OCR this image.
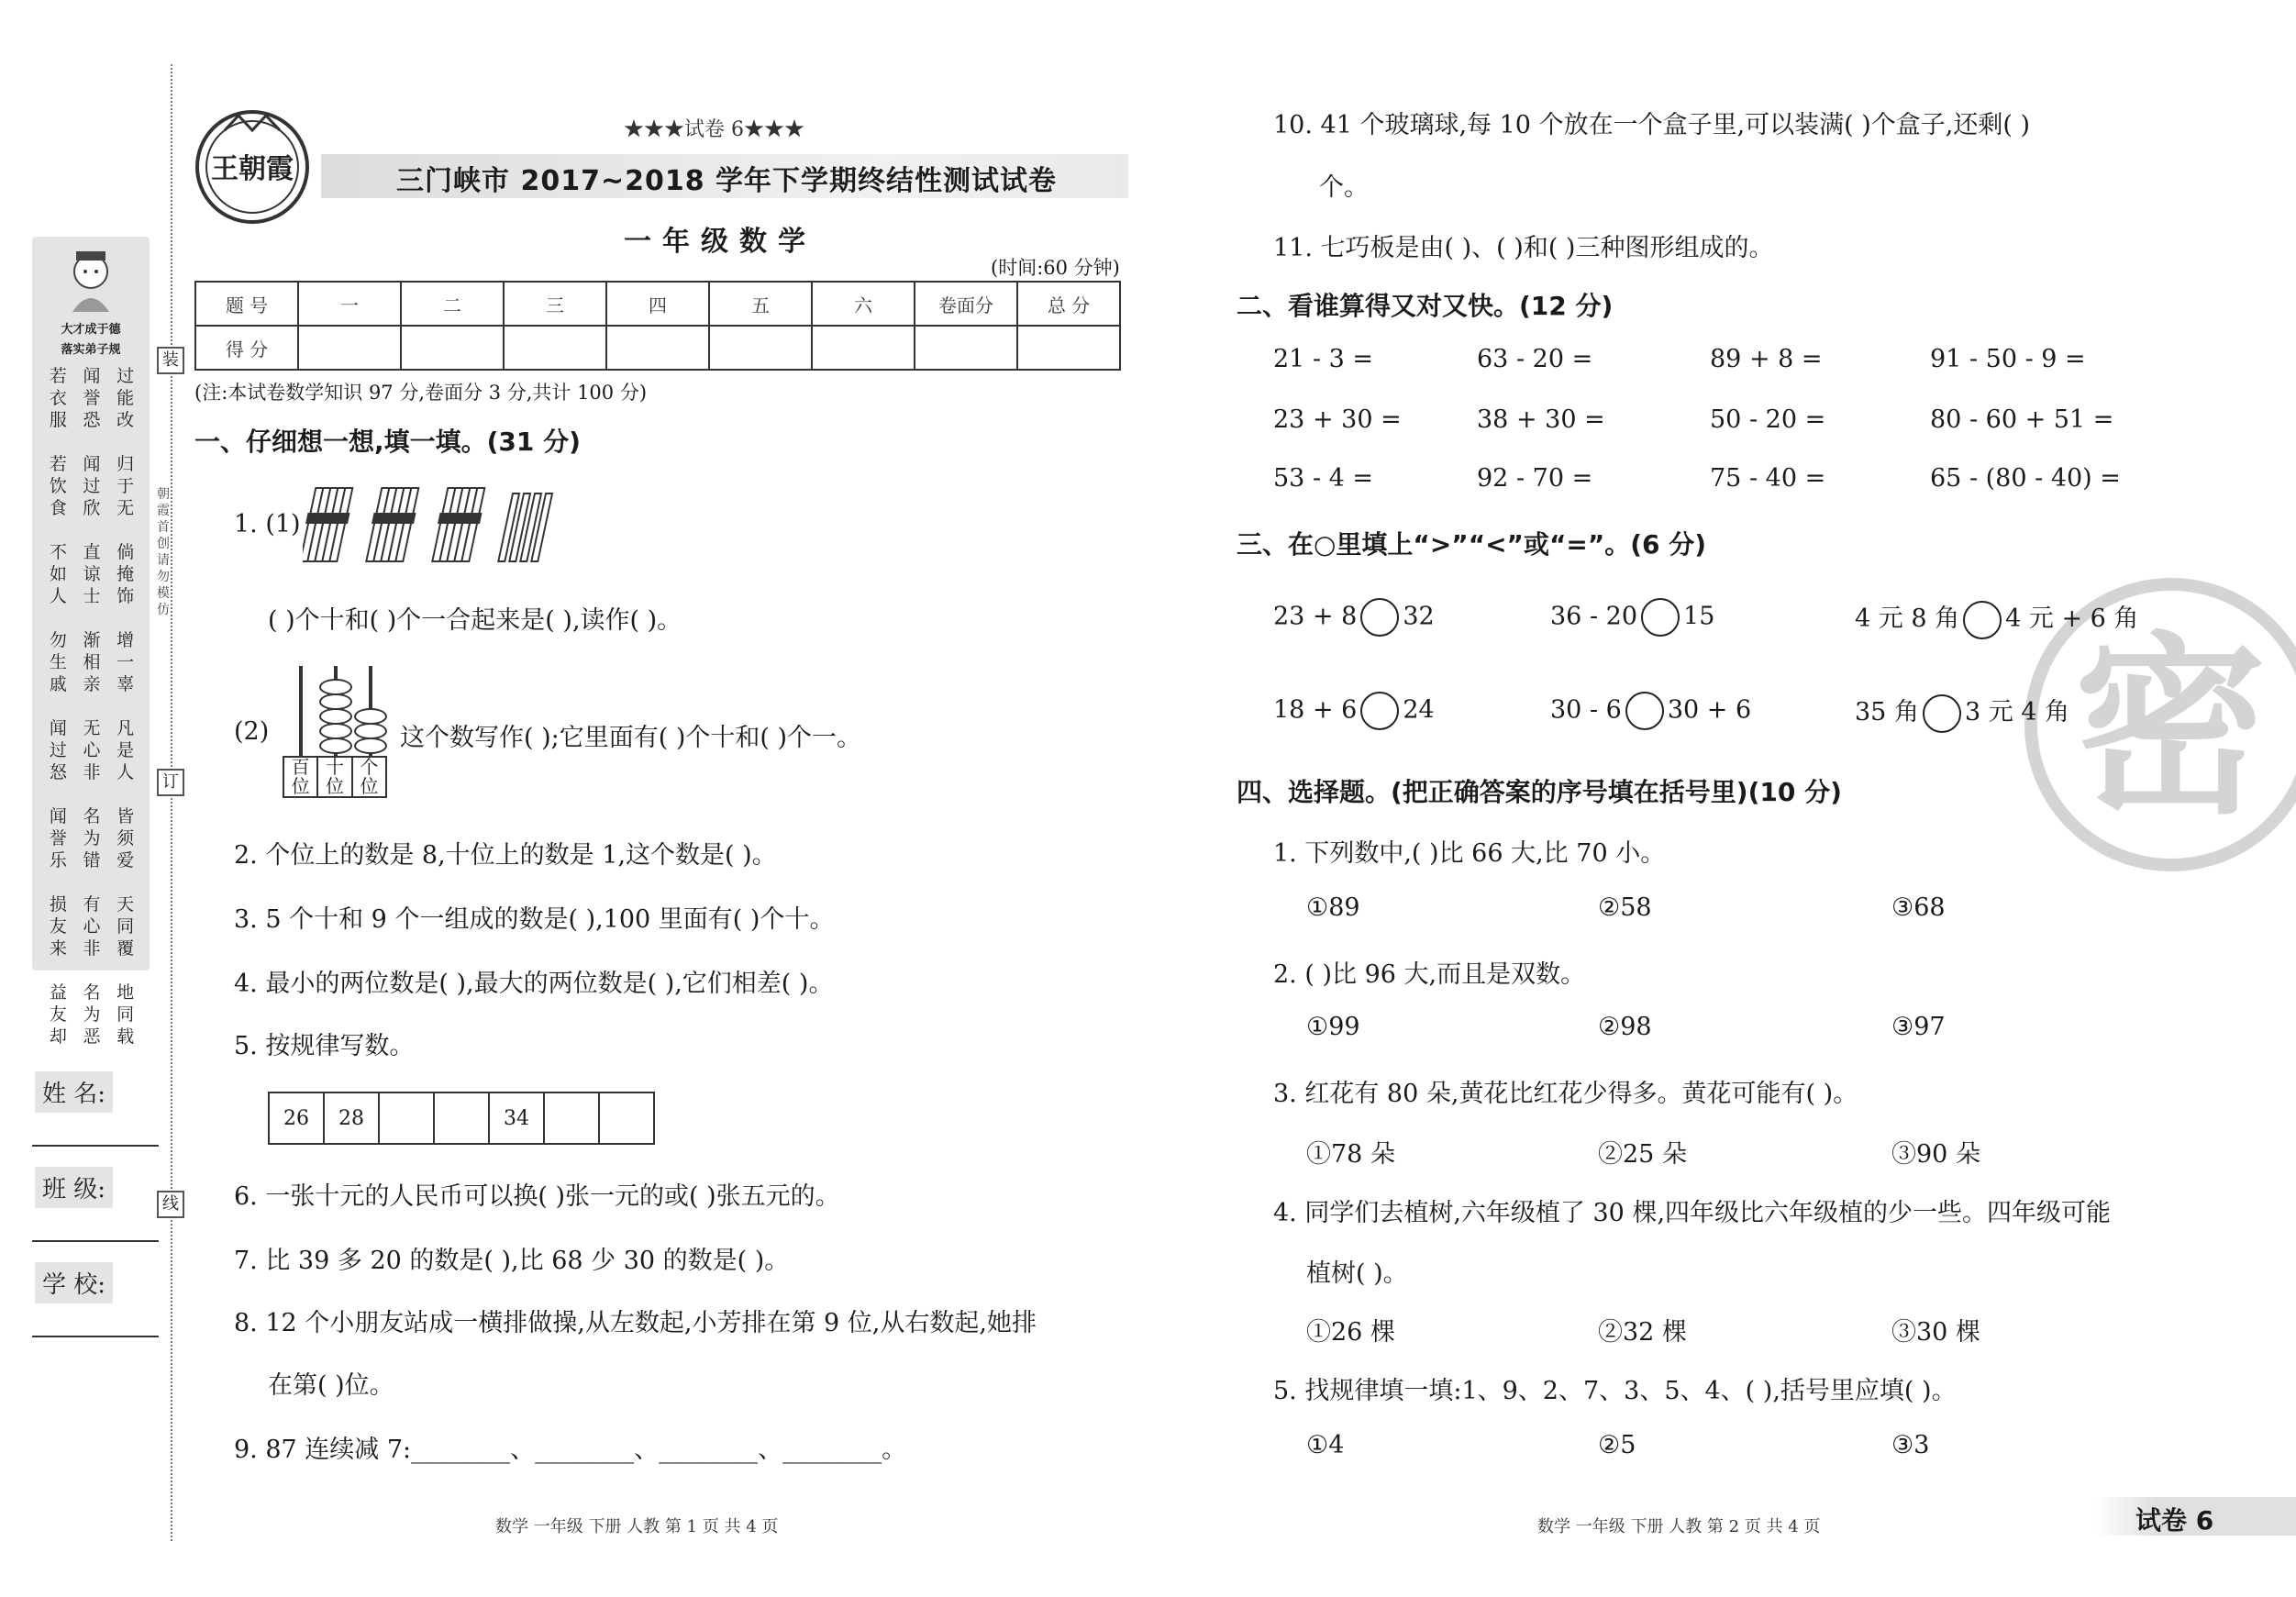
装
订
线
朝霞首创 请勿模仿
大才成于德
落实弟子规
若
衣
服
闻
誉
恐
过
能
改
若
饮
食
闻
过
欣
归
于
无
不
如
人
直
谅
士
倘
掩
饰
勿
生
戚
渐
相
亲
增
一
辜
闻
过
怒
无
心
非
凡
是
人
闻
誉
乐
名
为
错
皆
须
爱
损
友
来
有
心
非
天
同
覆
益
友
却
名
为
恶
地
同
载
姓 名:
班 级:
学 校:
王朝霞
★★★试卷 6★★★
三门峡市 2017~2018 学年下学期终结性测试试卷
一年级数学
(时间:60 分钟)
题 号	一	二	三	四	五	六	卷面分	总 分
得 分								
(注:本试卷数学知识 97 分,卷面分 3 分,共计 100 分)
一、仔细想一想,填一填。(31 分)
1. (1)
( )个十和( )个一合起来是( ),读作( )。
(2)
百位
十位
个位
这个数写作( );它里面有( )个十和( )个一。
2. 个位上的数是 8,十位上的数是 1,这个数是( )。
3. 5 个十和 9 个一组成的数是( ),100 里面有( )个十。
4. 最小的两位数是( ),最大的两位数是( ),它们相差( )。
5. 按规律写数。
26	28			34		
6. 一张十元的人民币可以换( )张一元的或( )张五元的。
7. 比 39 多 20 的数是( ),比 68 少 30 的数是( )。
8. 12 个小朋友站成一横排做操,从左数起,小芳排在第 9 位,从右数起,她排
在第( )位。
9. 87 连续减 7:________、________、________、________。
数学 一年级 下册 人教 第 1 页 共 4 页
密
10. 41 个玻璃球,每 10 个放在一个盒子里,可以装满( )个盒子,还剩( )
个。
11. 七巧板是由( )、( )和( )三种图形组成的。
二、看谁算得又对又快。(12 分)
21 - 3 =	63 - 20 =	89 + 8 =	91 - 50 - 9 =
23 + 30 =	38 + 30 =	50 - 20 =	80 - 60 + 51 =
53 - 4 =	92 - 70 =	75 - 40 =	65 - (80 - 40) =
三、在○里填上“>”“<”或“=”。(6 分)
23 + 8 32	36 - 20 15	4 元 8 角 4 元 + 6 角
18 + 6 24	30 - 6 30 + 6	35 角 3 元 4 角
四、选择题。(把正确答案的序号填在括号里)(10 分)
1. 下列数中,( )比 66 大,比 70 小。
①89	②58	③68
2. ( )比 96 大,而且是双数。
①99	②98	③97
3. 红花有 80 朵,黄花比红花少得多。黄花可能有( )。
①78 朵	②25 朵	③90 朵
4. 同学们去植树,六年级植了 30 棵,四年级比六年级植的少一些。四年级可能
植树( )。
①26 棵	②32 棵	③30 棵
5. 找规律填一填:1、9、2、7、3、5、4、( ),括号里应填( )。
①4	②5	③3
数学 一年级 下册 人教 第 2 页 共 4 页	试卷 6
